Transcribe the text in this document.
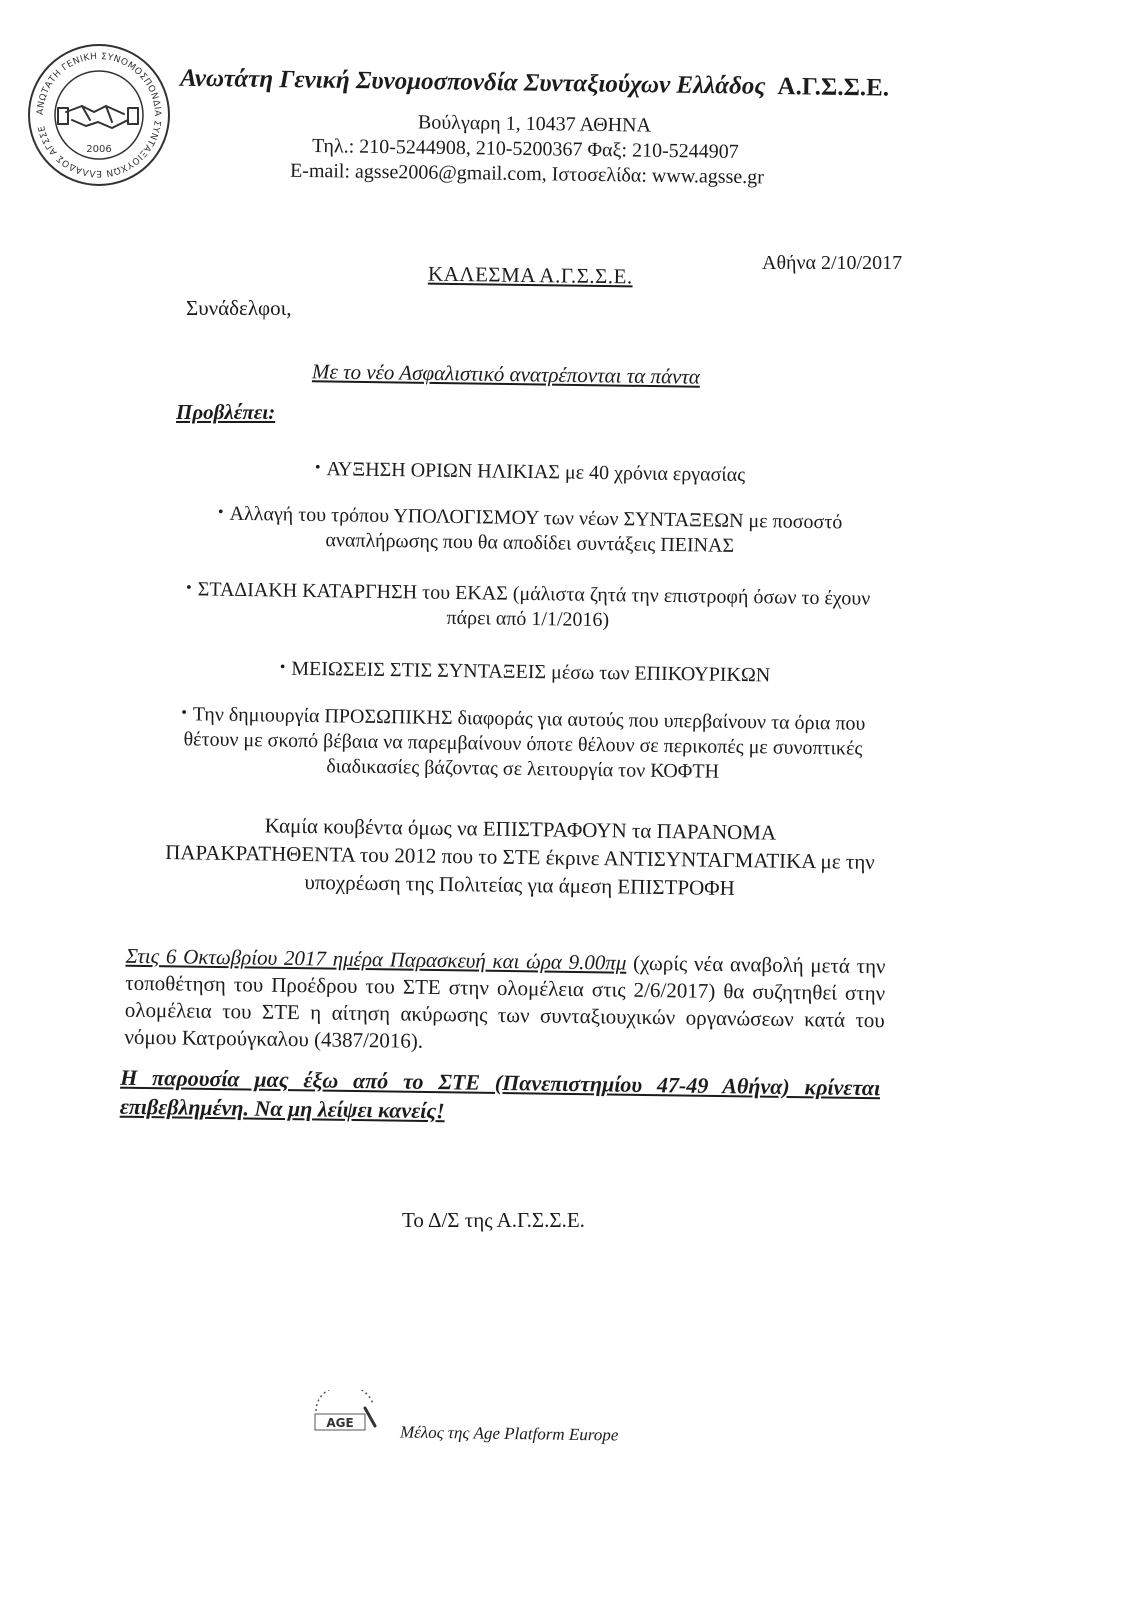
ΑΝΩΤΑΤΗ ΓΕΝΙΚΗ ΣΥΝΟΜΟΣΠΟΝΔΙΑ ΣΥΝΤΑΞΙΟΥΧΩΝ ΕΛΛΑΔΟΣ ΑΓΣΣΕ
2006
Ανωτάτη Γενική Συνομοσπονδία Συνταξιούχων Ελλάδος Α.Γ.Σ.Σ.Ε.
Βούλγαρη 1, 10437 ΑΘΗΝΑ
Τηλ.: 210-5244908, 210-5200367 Φαξ: 210-5244907
E-mail: agsse2006@gmail.com, Ιστοσελίδα: www.agsse.gr
Αθήνα 2/10/2017
ΚΑΛΕΣΜΑ Α.Γ.Σ.Σ.Ε.
Συνάδελφοι,
Με το νέο Ασφαλιστικό ανατρέπονται τα πάντα
Προβλέπει:
• ΑΥΞΗΣΗ ΟΡΙΩΝ ΗΛΙΚΙΑΣ με 40 χρόνια εργασίας
• Αλλαγή του τρόπου ΥΠΟΛΟΓΙΣΜΟΥ των νέων ΣΥΝΤΑΞΕΩΝ με ποσοστό
αναπλήρωσης που θα αποδίδει συντάξεις ΠΕΙΝΑΣ
• ΣΤΑΔΙΑΚΗ ΚΑΤΑΡΓΗΣΗ του ΕΚΑΣ (μάλιστα ζητά την επιστροφή όσων το έχουν
πάρει από 1/1/2016)
• ΜΕΙΩΣΕΙΣ ΣΤΙΣ ΣΥΝΤΑΞΕΙΣ μέσω των ΕΠΙΚΟΥΡΙΚΩΝ
• Την δημιουργία ΠΡΟΣΩΠΙΚΗΣ διαφοράς για αυτούς που υπερβαίνουν τα όρια που
θέτουν με σκοπό βέβαια να παρεμβαίνουν όποτε θέλουν σε περικοπές με συνοπτικές
διαδικασίες βάζοντας σε λειτουργία τον ΚΟΦΤΗ
Καμία κουβέντα όμως να ΕΠΙΣΤΡΑΦΟΥΝ τα ΠΑΡΑΝΟΜΑ
ΠΑΡΑΚΡΑΤΗΘΕΝΤΑ του 2012 που το ΣΤΕ έκρινε ΑΝΤΙΣΥΝΤΑΓΜΑΤΙΚΑ με την
υποχρέωση της Πολιτείας για άμεση ΕΠΙΣΤΡΟΦΗ
Στις 6 Οκτωβρίου 2017 ημέρα Παρασκευή και ώρα 9.00πμ (χωρίς νέα αναβολή μετά την τοποθέτηση του Προέδρου του ΣΤΕ στην ολομέλεια στις 2/6/2017) θα συζητηθεί στην ολομέλεια του ΣΤΕ η αίτηση ακύρωσης των συνταξιουχικών οργανώσεων κατά του νόμου Κατρούγκαλου (4387/2016).
Η παρουσία μας έξω από το ΣΤΕ (Πανεπιστημίου 47-49 Αθήνα) κρίνεται επιβεβλημένη. Να μη λείψει κανείς!
Το Δ/Σ της Α.Γ.Σ.Σ.Ε.
AGE	Μέλος της Age Platform Europe
